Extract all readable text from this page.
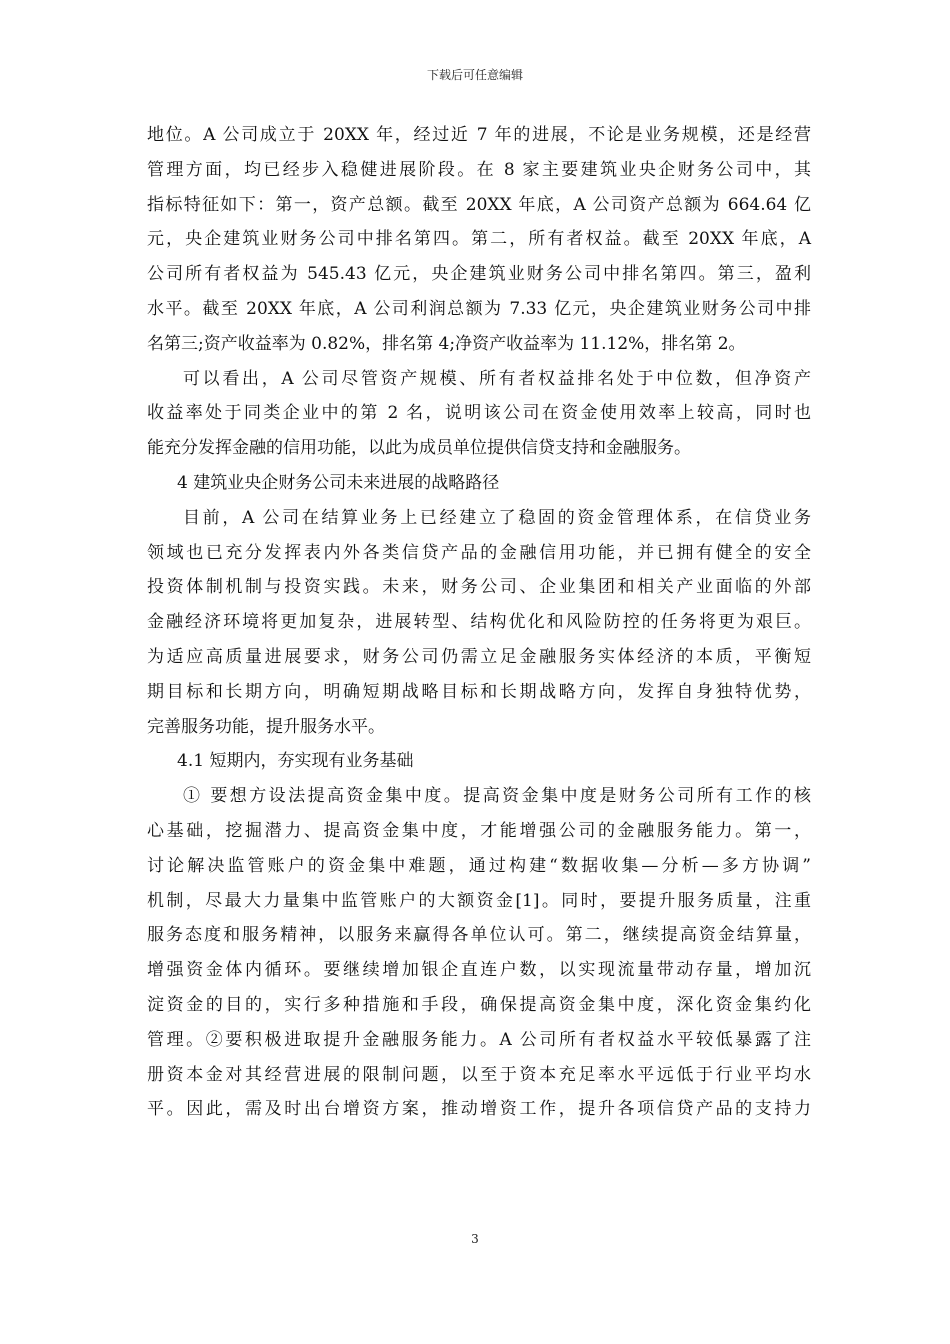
下载后可任意编辑
地位。A 公司成立于 20XX 年，经过近 7 年的进展，不论是业务规模，还是经营
管理方面，均已经步入稳健进展阶段。在 8 家主要建筑业央企财务公司中，其
指标特征如下：第一，资产总额。截至 20XX 年底，A 公司资产总额为 664.64 亿
元，央企建筑业财务公司中排名第四。第二，所有者权益。截至 20XX 年底，A
公司所有者权益为 545.43 亿元，央企建筑业财务公司中排名第四。第三，盈利
水平。截至 20XX 年底，A 公司利润总额为 7.33 亿元，央企建筑业财务公司中排
名第三;资产收益率为 0.82%，排名第 4;净资产收益率为 11.12%，排名第 2。
可以看出，A 公司尽管资产规模、所有者权益排名处于中位数，但净资产
收益率处于同类企业中的第 2 名，说明该公司在资金使用效率上较高，同时也
能充分发挥金融的信用功能，以此为成员单位提供信贷支持和金融服务。
4 建筑业央企财务公司未来进展的战略路径
目前，A 公司在结算业务上已经建立了稳固的资金管理体系，在信贷业务
领域也已充分发挥表内外各类信贷产品的金融信用功能，并已拥有健全的安全
投资体制机制与投资实践。未来，财务公司、企业集团和相关产业面临的外部
金融经济环境将更加复杂，进展转型、结构优化和风险防控的任务将更为艰巨。
为适应高质量进展要求，财务公司仍需立足金融服务实体经济的本质，平衡短
期目标和长期方向，明确短期战略目标和长期战略方向，发挥自身独特优势，
完善服务功能，提升服务水平。
4.1 短期内，夯实现有业务基础
① 要想方设法提高资金集中度。提高资金集中度是财务公司所有工作的核
心基础，挖掘潜力、提高资金集中度，才能增强公司的金融服务能力。第一，
讨论解决监管账户的资金集中难题，通过构建“数据收集—分析—多方协调”
机制，尽最大力量集中监管账户的大额资金[1]。同时，要提升服务质量，注重
服务态度和服务精神，以服务来赢得各单位认可。第二，继续提高资金结算量，
增强资金体内循环。要继续增加银企直连户数，以实现流量带动存量，增加沉
淀资金的目的，实行多种措施和手段，确保提高资金集中度，深化资金集约化
管理。②要积极进取提升金融服务能力。A 公司所有者权益水平较低暴露了注
册资本金对其经营进展的限制问题，以至于资本充足率水平远低于行业平均水
平。因此，需及时出台增资方案，推动增资工作，提升各项信贷产品的支持力
3
